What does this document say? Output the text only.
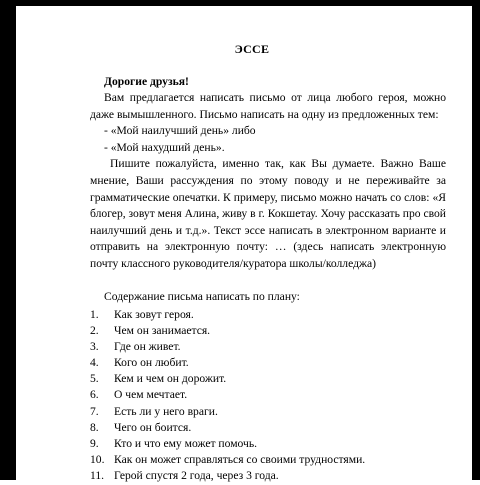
ЭССЕ

Дорогие друзья!

Вам предлагается написать письмо от лица любого героя, можно даже вымышленного. Письмо написать на одну из предложенных тем:

- «Мой наилучший день» либо

- «Мой нахудший день».

Пишите пожалуйста, именно так, как Вы думаете. Важно Ваше мнение, Ваши рассуждения по этому поводу и не переживайте за грамматические опечатки. К примеру, письмо можно начать со слов: «Я блогер, зовут меня Алина, живу в г. Кокшетау. Хочу рассказать про свой наилучший день и т.д.». Текст эссе написать в электронном варианте и отправить на электронную почту: … (здесь написать электронную почту классного руководителя/куратора школы/колледжа)

Содержание письма написать по плану:

1. Как зовут героя.
2. Чем он занимается.
3. Где он живет.
4. Кого он любит.
5. Кем и чем он дорожит.
6. О чем мечтает.
7. Есть ли у него враги.
8. Чего он боится.
9. Кто и что ему может помочь.
10. Как он может справляться со своими трудностями.
11. Герой спустя 2 года, через 3 года.
